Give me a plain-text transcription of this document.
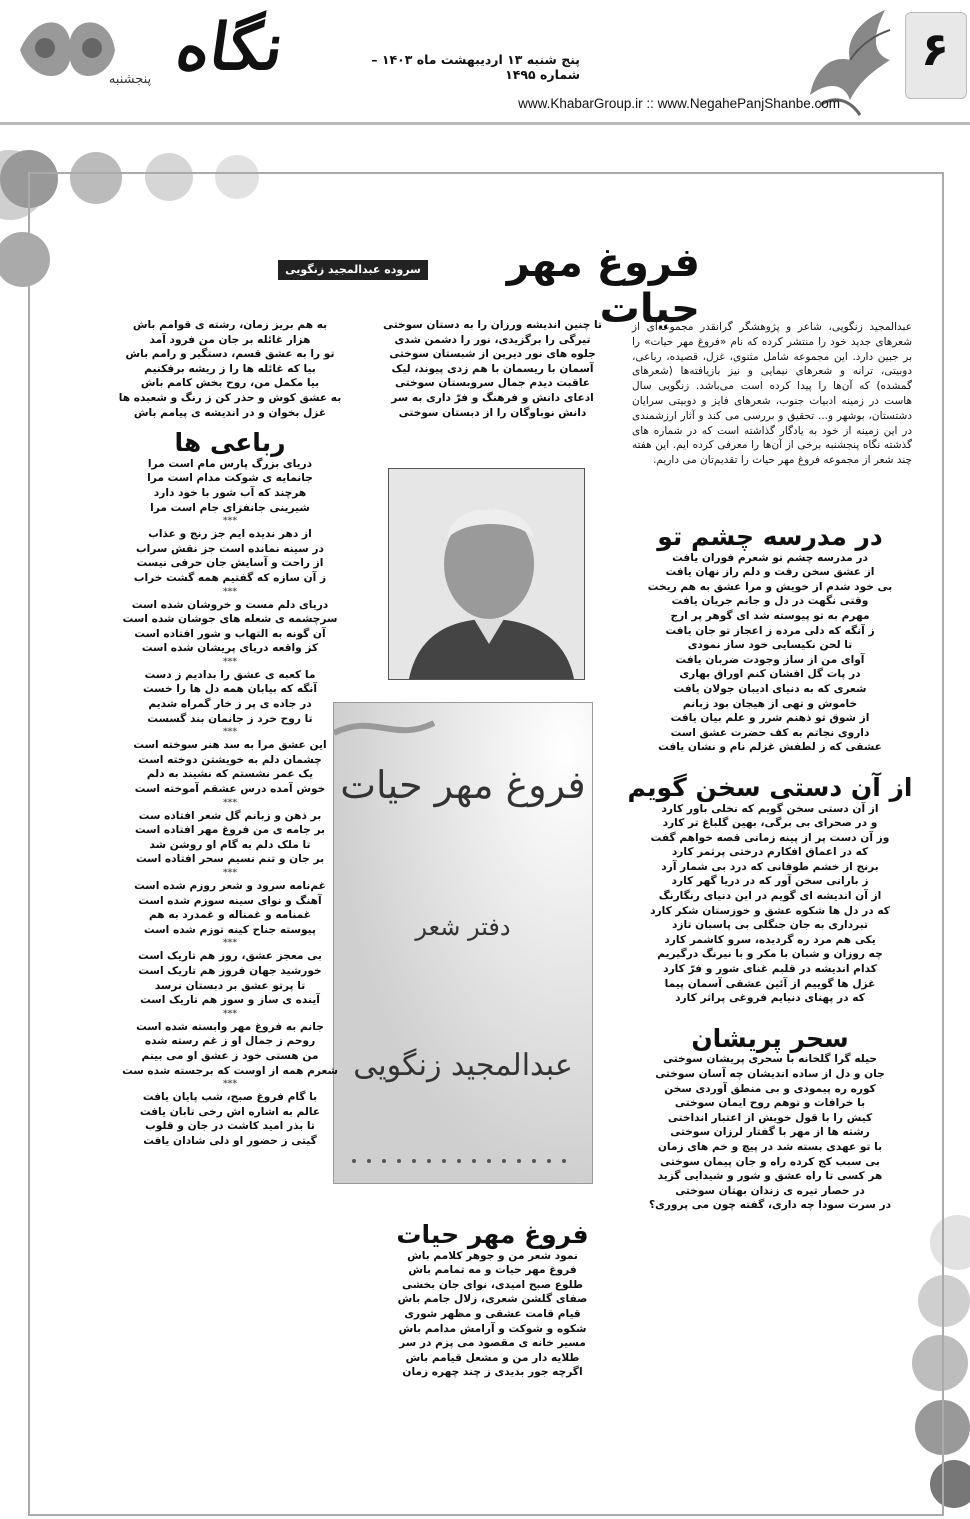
۶
پنج شنبه ۱۳ اردیبهشت ماه ۱۴۰۳ – شماره ۱۴۹۵
www.KhabarGroup.ir :: www.NegahePanjShanbe.com
نگاه
پنجشنبه
فروغ مهر حیات
سروده عبدالمجید زنگویی
عبدالمجید زنگویی، شاعر و پژوهشگر گرانقدر مجموعه‌ای از شعرهای جدید خود را منتشر کرده که نام «فروغ مهر حیات» را بر جبین دارد. این مجموعه شامل مثنوی، غزل، قصیده، رباعی، دوبیتی، ترانه و شعرهای نیمایی و نیز بازیافته‌ها (شعرهای گمشده) که آن‌ها را پیدا کرده است می‌باشد. زنگویی سال هاست در زمینه ادبیات جنوب، شعرهای فایز و دوبیتی سرایان دشتستان، بوشهر و... تحقیق و بررسی می کند و آثار ارزشمندی در این زمینه از خود به یادگار گذاشته است که در شماره های گذشته نگاه پنجشنبه برخی از آن‌ها را معرفی کرده ایم. این هفته چند شعر از مجموعه فروغ مهر حیات را تقدیم‌تان می داریم.
در مدرسه چشم تو

در مدرسه چشم تو شعرم فوران یافت

از عشق سخن رفت و دلم راز نهان یافت

بی خود شدم از خویش و مرا عشق به هم ریخت

وقتی نگهت در دل و جانم جریان یافت

مهرم به تو پیوسته شد ای گوهر پر ارج

ز آنگه که دلی مرده ز اعجاز تو جان یافت

تا لحن نکیسایی خود ساز نمودی

آوای من از ساز وجودت ضربان یافت

در پات گل افشان کنم اوراق بهاری

شعری که به دنیای ادیبان جولان یافت

خاموش و تهی از هیجان بود زبانم

از شوق تو ذهنم شرر و علم بیان یافت

داروی نجاتم به کف حضرت عشق است

عشقی که ز لطفش غزلم نام و نشان یافت

از آن دستی سخن گویم

از آن دستی سخن گویم که نخلی باور کارد

و در صحرای بی برگی، بهین گلباغ تر کارد

وز آن دست پر از پینه زمانی قصه خواهم گفت

که در اعماق افکارم درختی پرثمر کارد

برنج از خشم طوفانی که درد بی شمار آرد

ز بارانی سخن آور که در دریا گهر کارد

از آن اندیشه ای گویم در این دنیای رنگارنگ

که در دل ها شکوه عشق و خوزستان شکر کارد

تبرداری به جان جنگلی بی پاسبان تازد

یکی هم مرد ره گردیده، سرو کاشمر کارد

چه روزان و شبان با مکر و با نیرنگ درگیریم

کدام اندیشه در قلبم غنای شور و فرّ کارد

غزل ها گوییم از آئین عشقی آسمان پیما

که در پهنای دنیایم فروغی پراثر کارد

سحر پریشان

حیله گرا گلخانه با سحری پریشان سوختی

جان و دل از ساده اندیشان چه آسان سوختی

کوره ره پیمودی و بی منطق آوردی سخن

با خرافات و توهم روح ایمان سوختی

کیش را با قول خویش از اعتبار انداختی

رشته ها از مهر با گفتار لرزان سوختی

با تو عهدی بسته شد در پیچ و خم های زمان

بی سبب کج کرده راه و جان پیمان سوختی

هر کسی تا راه عشق و شور و شیدایی گزید

در حصار تیره ی زندان بهتان سوختی

در سرت سودا چه داری، گفته چون می پروری؟

تا چنین اندیشه ورزان را به دستان سوختی

تیرگی را برگزیدی، نور را دشمن شدی

جلوه های نور دیرین از شبستان سوختی

آسمان با ریسمان با هم زدی پیوند، لیک

عاقبت دیدم جمال سروبستان سوختی

ادعای دانش و فرهنگ و فرّ داری به سر

دانش نوباوگان را از دبستان سوختی

فروغ مهر حیات
دفتر شعر
عبدالمجید زنگویی
فروغ مهر حیات

نمود شعر من و جوهر کلامم باش

فروغ مهر حیات و مه تمامم باش

طلوع صبح امیدی، نوای جان بخشی

صفای گلشن شعری، زلال جامم باش

قیام قامت عشقی و مظهر شوری

شکوه و شوکت و آرامش مدامم باش

مسیر خانه ی مقصود می پزم در سر

طلایه دار من و مشعل قیامم باش

اگرچه جور بدیدی ز چند چهره زمان

به هم بریز زمان، رشته ی قوامم باش

هزار غائله بر جان من فرود آمد

تو را به عشق قسم، دستگیر و رامم باش

بیا که غائله ها را ز ریشه برفکنیم

بیا مکمل من، روح بخش کامم باش

به عشق کوش و حذر کن ز رنگ و شعبده ها

غزل بخوان و در اندیشه ی پیامم باش

رباعی ها

دریای بزرگ پارس مام است مرا

جانمایه ی شوکت مدام است مرا

هرچند که آب شور با خود دارد

شیرینی جانفزای جام است مرا

***

از دهر ندیده ایم جز رنج و عذاب

در سینه نمانده است جز نقش سراب

از راحت و آسایش جان حرفی نیست

ز آن سازه که گفتیم همه گشت خراب

***

دریای دلم مست و خروشان شده است

سرچشمه ی شعله های جوشان شده است

آن گونه به التهاب و شور افتاده است

کز واقعه دریای پریشان شده است

***

ما کعبه ی عشق را بداديم ز دست

آنگه که بیابان همه دل ها را خست

در جاده ی پر ز خار گمراه شدیم

تا روح خرد ز جانمان بند گسست

***

این عشق مرا به سد هنر سوخته است

چشمان دلم به خویشتن دوخته است

یک عمر نشستم که نشیند به دلم

خوش آمده درس عشقم آموخته است

***

بر ذهن و زبانم گل شعر افتاده ست

بر جامه ی من فروغ مهر افتاده است

تا ملک دلم به گام او روشن شد

بر جان و تنم نسیم سحر افتاده است

***

غم‌نامه سرود و شعر روزم شده است

آهنگ و نوای سینه سوزم شده است

غمنامه و غمناله و غمدرد به هم

پیوسته جناح کینه توزم شده است

***

بی معجز عشق، روز هم تاریک است

خورشید جهان فروز هم تاریک است

تا پرتو عشق بر دبستان نرسد

آینده ی ساز و سوز هم تاریک است

***

جانم به فروغ مهر وابسته شده است

روحم ز جمال او ز غم رسته شده

من هستی خود ز عشق او می بینم

شعرم همه از اوست که برجسته شده ست

***

با گام فروغ صبح، شب پایان یافت

عالم به اشاره اش رخی تابان یافت

تا بذر امید کاشت در جان و قلوب

گیتی ز حضور او دلی شادان یافت
